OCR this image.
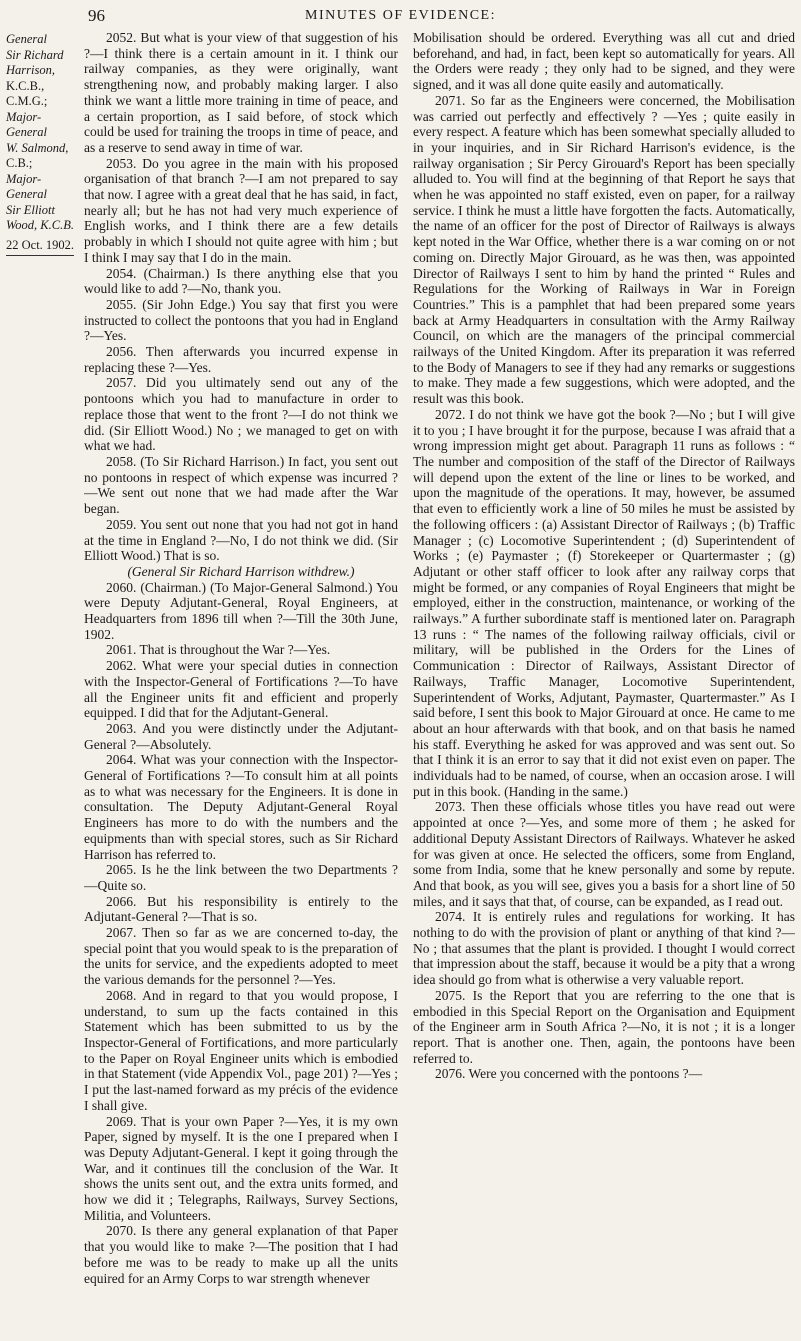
96	MINUTES OF EVIDENCE:
General
Sir Richard
Harrison,
K.C.B.,
C.M.G.;
Major-
General
W. Salmond,
C.B.;
Major-
General
Sir Elliott
Wood, K.C.B.
22 Oct. 1902.

2052. But what is your view of that suggestion of his ?—I think there is a certain amount in it. I think our railway companies, as they were originally, want strengthening now, and probably making larger. I also think we want a little more training in time of peace, and a certain proportion, as I said before, of stock which could be used for training the troops in time of peace, and as a reserve to send away in time of war.

2053. Do you agree in the main with his proposed organisation of that branch ?—I am not prepared to say that now. I agree with a great deal that he has said, in fact, nearly all; but he has not had very much experience of English works, and I think there are a few details probably in which I should not quite agree with him ; but I think I may say that I do in the main.

2054. (Chairman.) Is there anything else that you would like to add ?—No, thank you.

2055. (Sir John Edge.) You say that first you were instructed to collect the pontoons that you had in England ?—Yes.

2056. Then afterwards you incurred expense in replacing these ?—Yes.

2057. Did you ultimately send out any of the pontoons which you had to manufacture in order to replace those that went to the front ?—I do not think we did. (Sir Elliott Wood.) No ; we managed to get on with what we had.

2058. (To Sir Richard Harrison.) In fact, you sent out no pontoons in respect of which expense was incurred ?—We sent out none that we had made after the War began.

2059. You sent out none that you had not got in hand at the time in England ?—No, I do not think we did. (Sir Elliott Wood.) That is so.

(General Sir Richard Harrison withdrew.)

2060. (Chairman.) (To Major-General Salmond.) You were Deputy Adjutant-General, Royal Engineers, at Headquarters from 1896 till when ?—Till the 30th June, 1902.

2061. That is throughout the War ?—Yes.

2062. What were your special duties in connection with the Inspector-General of Fortifications ?—To have all the Engineer units fit and efficient and properly equipped. I did that for the Adjutant-General.

2063. And you were distinctly under the Adjutant-General ?—Absolutely.

2064. What was your connection with the Inspector-General of Fortifications ?—To consult him at all points as to what was necessary for the Engineers. It is done in consultation. The Deputy Adjutant-General Royal Engineers has more to do with the numbers and the equipments than with special stores, such as Sir Richard Harrison has referred to.

2065. Is he the link between the two Departments ? —Quite so.

2066. But his responsibility is entirely to the Adjutant-General ?—That is so.

2067. Then so far as we are concerned to-day, the special point that you would speak to is the preparation of the units for service, and the expedients adopted to meet the various demands for the personnel ?—Yes.

2068. And in regard to that you would propose, I understand, to sum up the facts contained in this Statement which has been submitted to us by the Inspector-General of Fortifications, and more particularly to the Paper on Royal Engineer units which is embodied in that Statement (vide Appendix Vol., page 201) ?—Yes ; I put the last-named forward as my précis of the evidence I shall give.

2069. That is your own Paper ?—Yes, it is my own Paper, signed by myself. It is the one I prepared when I was Deputy Adjutant-General. I kept it going through the War, and it continues till the conclusion of the War. It shows the units sent out, and the extra units formed, and how we did it ; Telegraphs, Railways, Survey Sections, Militia, and Volunteers.

2070. Is there any general explanation of that Paper that you would like to make ?—The position that I had before me was to be ready to make up all the units equired for an Army Corps to war strength whenever

Mobilisation should be ordered. Everything was all cut and dried beforehand, and had, in fact, been kept so automatically for years. All the Orders were ready ; they only had to be signed, and they were signed, and it was all done quite easily and automatically.

2071. So far as the Engineers were concerned, the Mobilisation was carried out perfectly and effectively ? —Yes ; quite easily in every respect. A feature which has been somewhat specially alluded to in your inquiries, and in Sir Richard Harrison's evidence, is the railway organisation ; Sir Percy Girouard's Report has been specially alluded to. You will find at the beginning of that Report he says that when he was appointed no staff existed, even on paper, for a railway service. I think he must a little have forgotten the facts. Automatically, the name of an officer for the post of Director of Railways is always kept noted in the War Office, whether there is a war coming on or not coming on. Directly Major Girouard, as he was then, was appointed Director of Railways I sent to him by hand the printed “ Rules and Regulations for the Working of Railways in War in Foreign Countries.” This is a pamphlet that had been prepared some years back at Army Headquarters in consultation with the Army Railway Council, on which are the managers of the principal commercial railways of the United Kingdom. After its preparation it was referred to the Body of Managers to see if they had any remarks or suggestions to make. They made a few suggestions, which were adopted, and the result was this book.

2072. I do not think we have got the book ?—No ; but I will give it to you ; I have brought it for the purpose, because I was afraid that a wrong impression might get about. Paragraph 11 runs as follows : “ The number and composition of the staff of the Director of Railways will depend upon the extent of the line or lines to be worked, and upon the magnitude of the operations. It may, however, be assumed that even to efficiently work a line of 50 miles he must be assisted by the following officers : (a) Assistant Director of Railways ; (b) Traffic Manager ; (c) Locomotive Superintendent ; (d) Superintendent of Works ; (e) Paymaster ; (f) Storekeeper or Quartermaster ; (g) Adjutant or other staff officer to look after any railway corps that might be formed, or any companies of Royal Engineers that might be employed, either in the construction, maintenance, or working of the railways.” A further subordinate staff is mentioned later on. Paragraph 13 runs : “ The names of the following railway officials, civil or military, will be published in the Orders for the Lines of Communication : Director of Railways, Assistant Director of Railways, Traffic Manager, Locomotive Superintendent, Superintendent of Works, Adjutant, Paymaster, Quartermaster.” As I said before, I sent this book to Major Girouard at once. He came to me about an hour afterwards with that book, and on that basis he named his staff. Everything he asked for was approved and was sent out. So that I think it is an error to say that it did not exist even on paper. The individuals had to be named, of course, when an occasion arose. I will put in this book. (Handing in the same.)

2073. Then these officials whose titles you have read out were appointed at once ?—Yes, and some more of them ; he asked for additional Deputy Assistant Directors of Railways. Whatever he asked for was given at once. He selected the officers, some from England, some from India, some that he knew personally and some by repute. And that book, as you will see, gives you a basis for a short line of 50 miles, and it says that that, of course, can be expanded, as I read out.

2074. It is entirely rules and regulations for working. It has nothing to do with the provision of plant or anything of that kind ?—No ; that assumes that the plant is provided. I thought I would correct that impression about the staff, because it would be a pity that a wrong idea should go from what is otherwise a very valuable report.

2075. Is the Report that you are referring to the one that is embodied in this Special Report on the Organisation and Equipment of the Engineer arm in South Africa ?—No, it is not ; it is a longer report. That is another one. Then, again, the pontoons have been referred to.

2076. Were you concerned with the pontoons ?—
